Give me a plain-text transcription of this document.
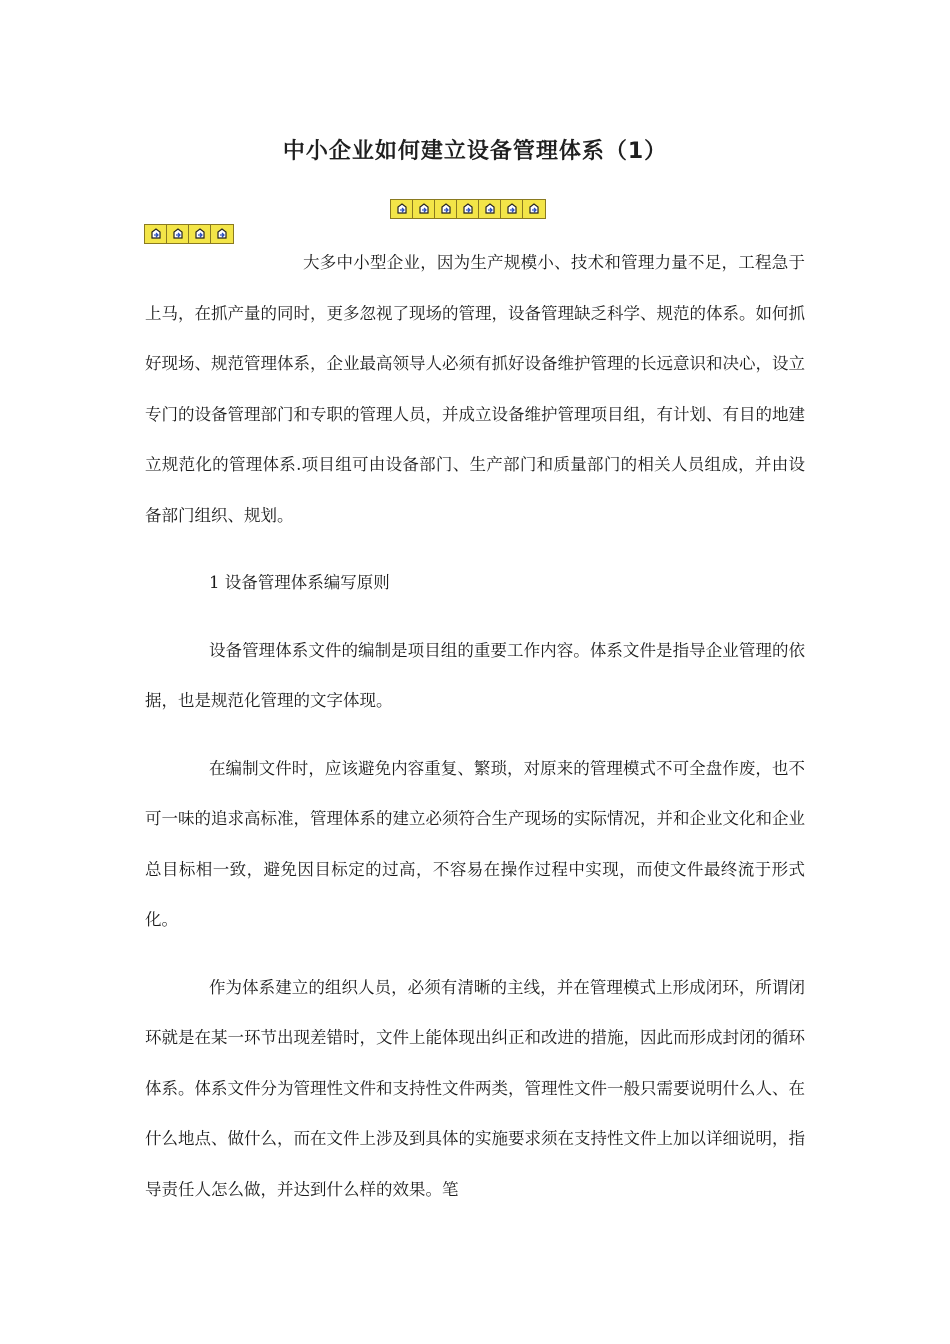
中小企业如何建立设备管理体系（1）

大多中小型企业，因为生产规模小、技术和管理力量不足，工程急于上马，在抓产量的同时，更多忽视了现场的管理，设备管理缺乏科学、规范的体系。如何抓好现场、规范管理体系，企业最高领导人必须有抓好设备维护管理的长远意识和决心，设立专门的设备管理部门和专职的管理人员，并成立设备维护管理项目组，有计划、有目的地建立规范化的管理体系.项目组可由设备部门、生产部门和质量部门的相关人员组成，并由设备部门组织、规划。

1 设备管理体系编写原则

设备管理体系文件的编制是项目组的重要工作内容。体系文件是指导企业管理的依据，也是规范化管理的文字体现。

在编制文件时，应该避免内容重复、繁琐，对原来的管理模式不可全盘作废，也不可一味的追求高标准，管理体系的建立必须符合生产现场的实际情况，并和企业文化和企业总目标相一致，避免因目标定的过高，不容易在操作过程中实现，而使文件最终流于形式化。

作为体系建立的组织人员，必须有清晰的主线，并在管理模式上形成闭环，所谓闭环就是在某一环节出现差错时，文件上能体现出纠正和改进的措施，因此而形成封闭的循环体系。体系文件分为管理性文件和支持性文件两类，管理性文件一般只需要说明什么人、在什么地点、做什么，而在文件上涉及到具体的实施要求须在支持性文件上加以详细说明，指导责任人怎么做，并达到什么样的效果。笔
